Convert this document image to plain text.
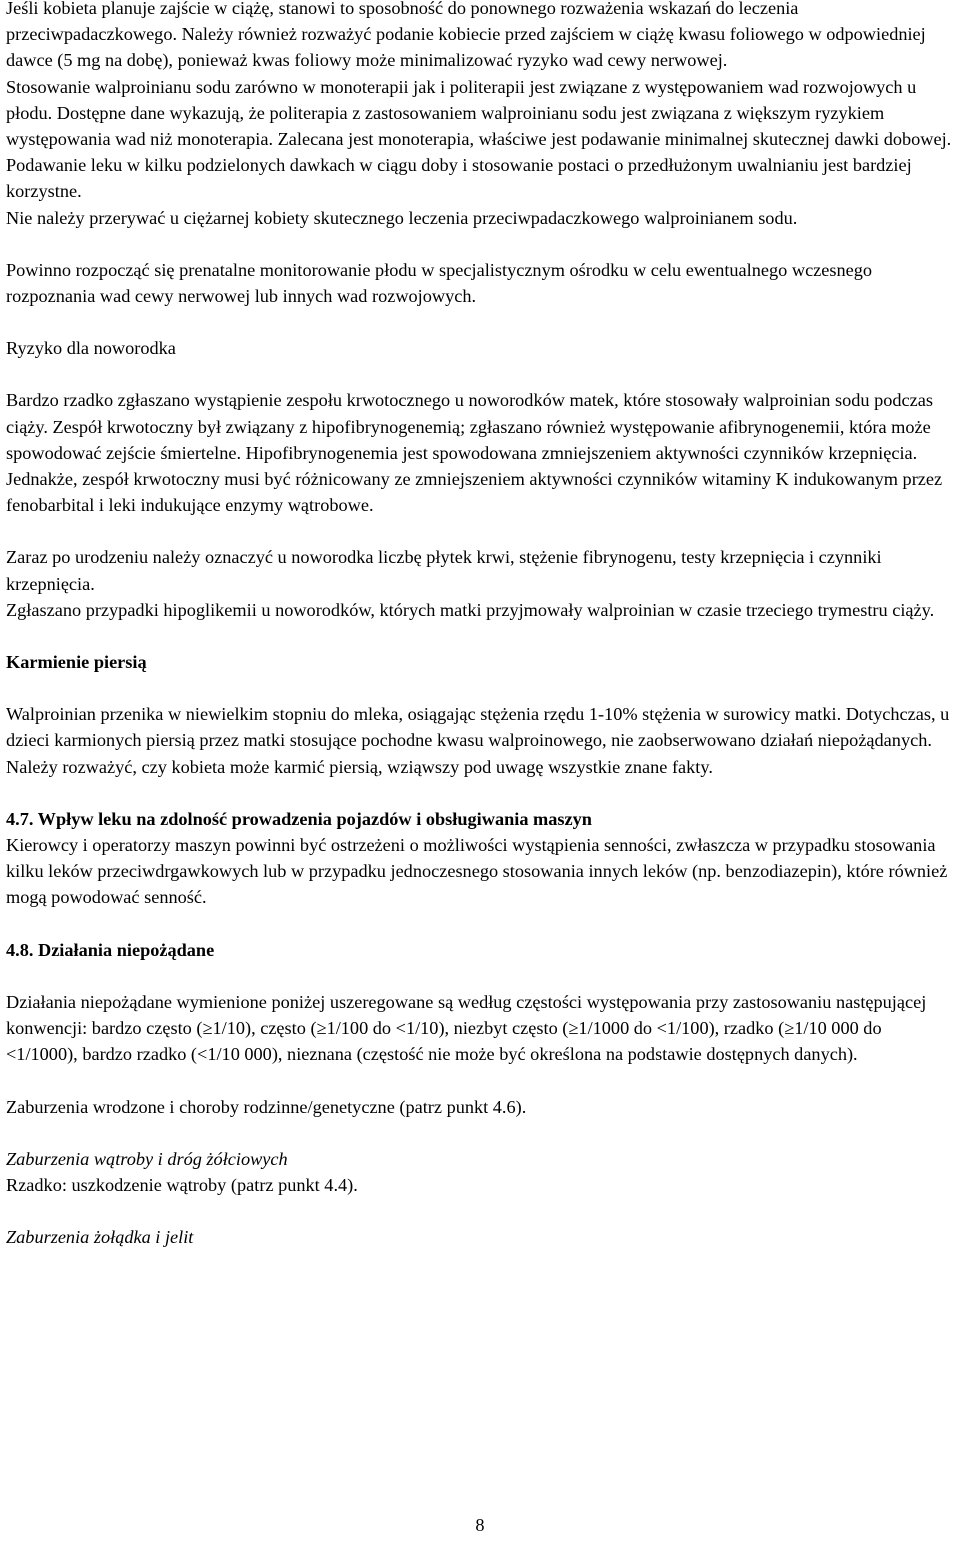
Jeśli kobieta planuje zajście w ciążę, stanowi to sposobność do ponownego rozważenia wskazań do leczenia przeciwpadaczkowego. Należy również rozważyć podanie kobiecie przed zajściem w ciążę kwasu foliowego w odpowiedniej dawce (5 mg na dobę), ponieważ kwas foliowy może minimalizować ryzyko wad cewy nerwowej.

Stosowanie walproinianu sodu zarówno w monoterapii jak i politerapii jest związane z występowaniem wad rozwojowych u płodu. Dostępne dane wykazują, że politerapia z zastosowaniem walproinianu sodu jest związana z większym ryzykiem występowania wad niż monoterapia. Zalecana jest monoterapia, właściwe jest podawanie minimalnej skutecznej dawki dobowej. Podawanie leku w kilku podzielonych dawkach w ciągu doby i stosowanie postaci o przedłużonym uwalnianiu jest bardziej korzystne.

Nie należy przerywać u ciężarnej kobiety skutecznego leczenia przeciwpadaczkowego walproinianem sodu.

Powinno rozpocząć się prenatalne monitorowanie płodu w specjalistycznym ośrodku w celu ewentualnego wczesnego rozpoznania wad cewy nerwowej lub innych wad rozwojowych.

Ryzyko dla noworodka

Bardzo rzadko zgłaszano wystąpienie zespołu krwotocznego u noworodków matek, które stosowały walproinian sodu podczas ciąży. Zespół krwotoczny był związany z hipofibrynogenemią; zgłaszano również występowanie afibrynogenemii, która może spowodować zejście śmiertelne. Hipofibrynogenemia jest spowodowana zmniejszeniem aktywności czynników krzepnięcia. Jednakże, zespół krwotoczny musi być różnicowany ze zmniejszeniem aktywności czynników witaminy K indukowanym przez fenobarbital i leki indukujące enzymy wątrobowe.

Zaraz po urodzeniu należy oznaczyć u noworodka liczbę płytek krwi, stężenie fibrynogenu, testy krzepnięcia i czynniki krzepnięcia.

Zgłaszano przypadki hipoglikemii u noworodków, których matki przyjmowały walproinian w czasie trzeciego trymestru ciąży.

Karmienie piersią

Walproinian przenika w niewielkim stopniu do mleka, osiągając stężenia rzędu 1-10% stężenia w surowicy matki. Dotychczas, u dzieci karmionych piersią przez matki stosujące pochodne kwasu walproinowego, nie zaobserwowano działań niepożądanych. Należy rozważyć, czy kobieta może karmić piersią, wziąwszy pod uwagę wszystkie znane fakty.

4.7. Wpływ leku na zdolność prowadzenia pojazdów i obsługiwania maszyn

Kierowcy i operatorzy maszyn powinni być ostrzeżeni o możliwości wystąpienia senności, zwłaszcza w przypadku stosowania kilku leków przeciwdrgawkowych lub w przypadku jednoczesnego stosowania innych leków (np. benzodiazepin), które również mogą powodować senność.

4.8. Działania niepożądane

Działania niepożądane wymienione poniżej uszeregowane są według częstości występowania przy zastosowaniu następującej konwencji: bardzo często (≥1/10), często (≥1/100 do <1/10), niezbyt często (≥1/1000 do <1/100), rzadko (≥1/10 000 do <1/1000), bardzo rzadko (<1/10 000), nieznana (częstość nie może być określona na podstawie dostępnych danych).

Zaburzenia wrodzone i choroby rodzinne/genetyczne (patrz punkt 4.6).

Zaburzenia wątroby i dróg żółciowych

Rzadko: uszkodzenie wątroby (patrz punkt 4.4).

Zaburzenia żołądka i jelit

8
